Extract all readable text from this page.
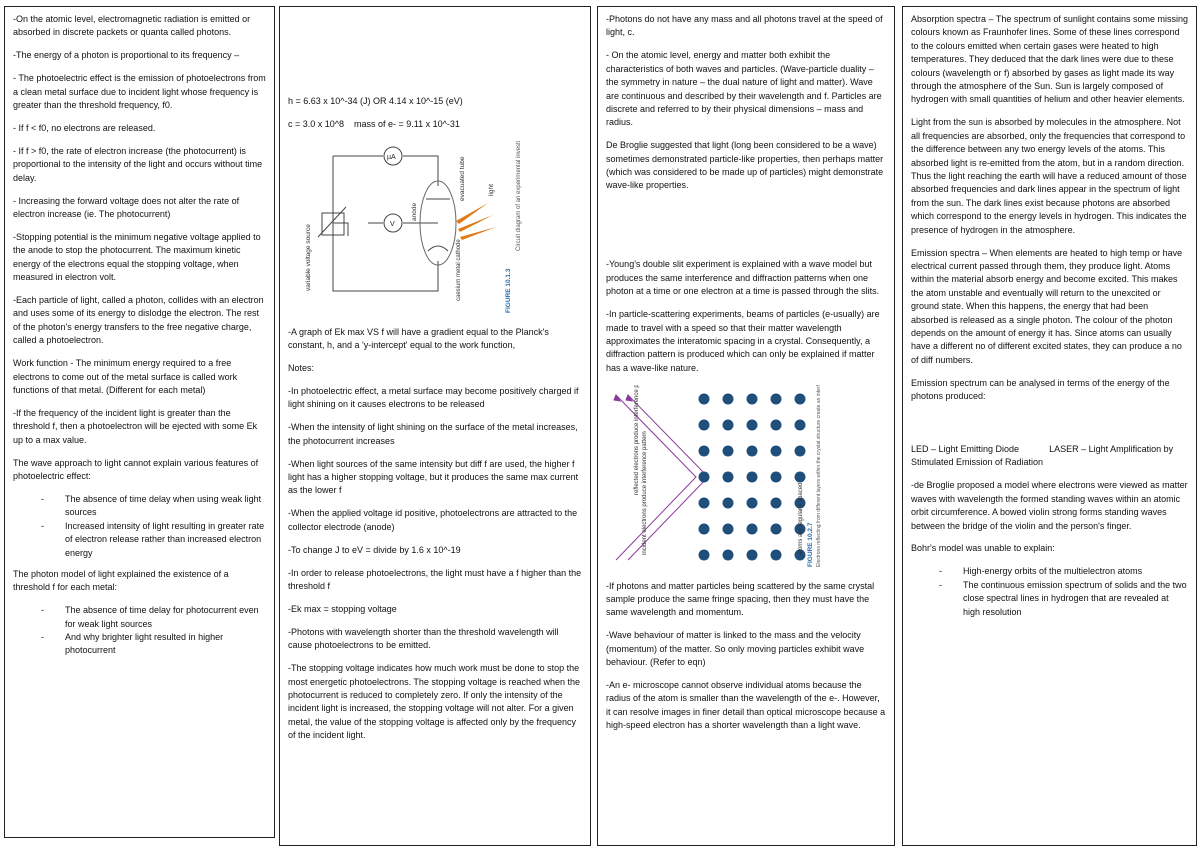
-On the atomic level, electromagnetic radiation is emitted or absorbed in discrete packets or quanta called photons.

-The energy of a photon is proportional to its frequency –

- The photoelectric effect is the emission of photoelectrons from a clean metal surface due to incident light whose frequency is greater than the threshold frequency, f0.

- If f < f0, no electrons are released.

- If f > f0, the rate of electron increase (the photocurrent) is proportional to the intensity of the light and occurs without time delay.

- Increasing the forward voltage does not alter the rate of electron increase (ie. The photocurrent)

-Stopping potential is the minimum negative voltage applied to the anode to stop the photocurrent. The maximum kinetic energy of the electrons equal the stopping voltage, when measured in electron volt.

-Each particle of light, called a photon, collides with an electron and uses some of its energy to dislodge the electron. The rest of the photon's energy transfers to the free negative charge, called a photoelectron.

Work function - The minimum energy required to a free electrons to come out of the metal surface is called work functions of that metal. (Different for each metal)

-If the frequency of the incident light is greater than the threshold f, then a photoelectron will be ejected with some Ek up to a max value.

The wave approach to light cannot explain various features of photoelectric effect:

- The absence of time delay when using weak light sources
- Increased intensity of light resulting in greater rate of electron release rather than increased electron energy

The photon model of light explained the existence of a threshold f for each metal:

- The absence of time delay for photocurrent even for weak light sources
- And why brighter light resulted in higher photocurrent

h = 6.63 x 10^-34 (J) OR 4.14 x 10^-15 (eV)

c = 3.0 x 10^8    mass of e- = 9.11 x 10^-31

µA
V
variable voltage source
anode
evacuated tube	light
caesium metal cathode	FIGURE 10.1.3
Circuit diagram of an experimental investigation of the photoelectric effect

-A graph of Ek max VS f will have a gradient equal to the Planck's constant, h, and a 'y-intercept' equal to the work function,

Notes:

-In photoelectric effect, a metal surface may become positively charged if light shining on it causes electrons to be released

-When the intensity of light shining on the surface of the metal increases, the photocurrent increases

-When light sources of the same intensity but diff f are used, the higher f light has a higher stopping voltage, but it produces the same max current as the lower f

-When the applied voltage id positive, photoelectrons are attracted to the collector electrode (anode)

-To change J to eV = divide by 1.6 x 10^-19

-In order to release photoelectrons, the light must have a f higher than the threshold f

-Ek max = stopping voltage

-Photons with wavelength shorter than the threshold wavelength will cause photoelectrons to be emitted.

-The stopping voltage indicates how much work must be done to stop the most energetic photoelectrons. The stopping voltage is reached when the photocurrent is reduced to completely zero. If only the intensity of the incident light is increased, the stopping voltage will not alter. For a given metal, the value of the stopping voltage is affected only by the frequency of the incident light.

-Photons do not have any mass and all photons travel at the speed of light, c.

- On the atomic level, energy and matter both exhibit the characteristics of both waves and particles. (Wave-particle duality – the symmetry in nature – the dual nature of light and matter). Wave are continuous and described by their wavelength and f. Particles are discrete and referred to by their physical dimensions – mass and radius.

De Broglie suggested that light (long been considered to be a wave) sometimes demonstrated particle-like properties, then perhaps matter (which was considered to be made up of particles) might demonstrate wave-like properties.

-Young's double slit experiment is explained with a wave model but produces the same interference and diffraction patterns when one photon at a time or one electron at a time is passed through the slits.

-In particle-scattering experiments, beams of particles (e-usually) are made to travel with a speed so that their matter wavelength approximates the interatomic spacing in a crystal. Consequently, a diffraction pattern is produced which can only be explained if matter has a wave-like nature.

incident electrons produce interference pattern
reflected electrons produce interference pattern
atoms are regularly spaced FIGURE 10.2.7 Electrons reflecting from different layers within the crystal structure create an interference pattern like those produced by a diffraction grating.

-If photons and matter particles being scattered by the same crystal sample produce the same fringe spacing, then they must have the same wavelength and momentum.

-Wave behaviour of matter is linked to the mass and the velocity (momentum) of the matter. So only moving particles exhibit wave behaviour. (Refer to eqn)

-An e- microscope cannot observe individual atoms because the radius of the atom is smaller than the wavelength of the e-. However, it can resolve images in finer detail than optical microscope because a high-speed electron has a shorter wavelength than a light wave.

Absorption spectra – The spectrum of sunlight contains some missing colours known as Fraunhofer lines. Some of these lines correspond to the colours emitted when certain gases were heated to high temperatures. They deduced that the dark lines were due to these colours (wavelength or f) absorbed by gases as light made its way through the atmosphere of the Sun. Sun is largely composed of hydrogen with small quantities of helium and other heavier elements.

Light from the sun is absorbed by molecules in the atmosphere. Not all frequencies are absorbed, only the frequencies that correspond to the difference between any two energy levels of the atoms. This absorbed light is re-emitted from the atom, but in a random direction. Thus the light reaching the earth will have a reduced amount of those absorbed frequencies and dark lines appear in the spectrum of light from the sun. The dark lines exist because photons are absorbed which correspond to the energy levels in hydrogen. This indicates the presence of hydrogen in the atmosphere.

Emission spectra – When elements are heated to high temp or have electrical current passed through them, they produce light. Atoms within the material absorb energy and become excited. This makes the atom unstable and eventually will return to the unexcited or ground state. When this happens, the energy that had been absorbed is released as a single photon. The colour of the photon depends on the amount of energy it has. Since atoms can usually have a different no of different excited states, they can produce a no of diff numbers.

Emission spectrum can be analysed in terms of the energy of the photons produced:

LED – Light Emitting Diode            LASER – Light Amplification by Stimulated Emission of Radiation

-de Broglie proposed a model where electrons were viewed as matter waves with wavelength the formed standing waves within an atomic orbit circumference. A bowed violin strong forms standing waves between the bridge of the violin and the person's finger.

Bohr's model was unable to explain:

- High-energy orbits of the multielectron atoms
- The continuous emission spectrum of solids and the two close spectral lines in hydrogen that are revealed at high resolution
